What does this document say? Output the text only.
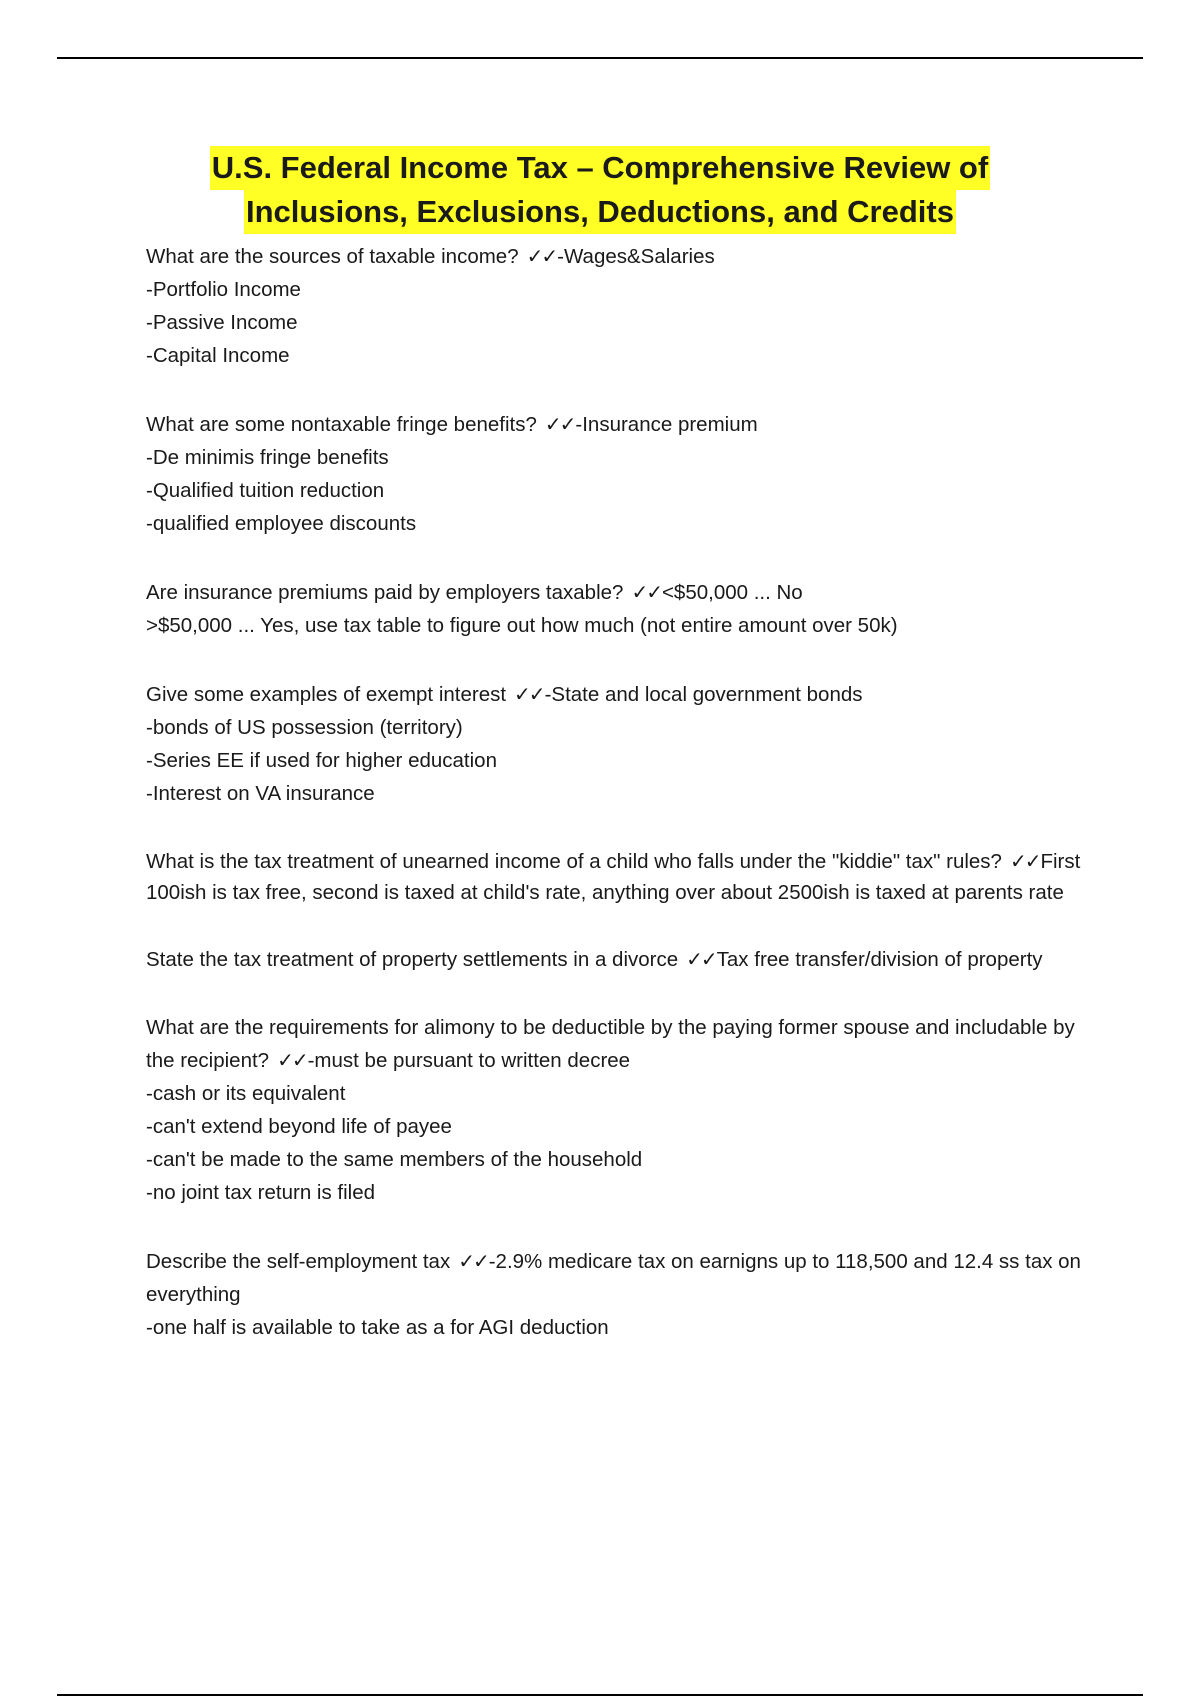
U.S. Federal Income Tax – Comprehensive Review of
Inclusions, Exclusions, Deductions, and Credits
What are the sources of taxable income? ✓✓-Wages&Salaries
-Portfolio Income
-Passive Income
-Capital Income
What are some nontaxable fringe benefits? ✓✓-Insurance premium
-De minimis fringe benefits
-Qualified tuition reduction
-qualified employee discounts
Are insurance premiums paid by employers taxable? ✓✓<$50,000 ... No
>$50,000 ... Yes, use tax table to figure out how much (not entire amount over 50k)
Give some examples of exempt interest ✓✓-State and local government bonds
-bonds of US possession (territory)
-Series EE if used for higher education
-Interest on VA insurance
What is the tax treatment of unearned income of a child who falls under the "kiddie" tax" rules? ✓✓First 100ish is tax free, second is taxed at child's rate, anything over about 2500ish is taxed at parents rate
State the tax treatment of property settlements in a divorce ✓✓Tax free transfer/division of property
What are the requirements for alimony to be deductible by the paying former spouse and includable by the recipient? ✓✓-must be pursuant to written decree
-cash or its equivalent
-can't extend beyond life of payee
-can't be made to the same members of the household
-no joint tax return is filed
Describe the self-employment tax ✓✓-2.9% medicare tax on earnigns up to 118,500 and 12.4 ss tax on everything
-one half is available to take as a for AGI deduction
